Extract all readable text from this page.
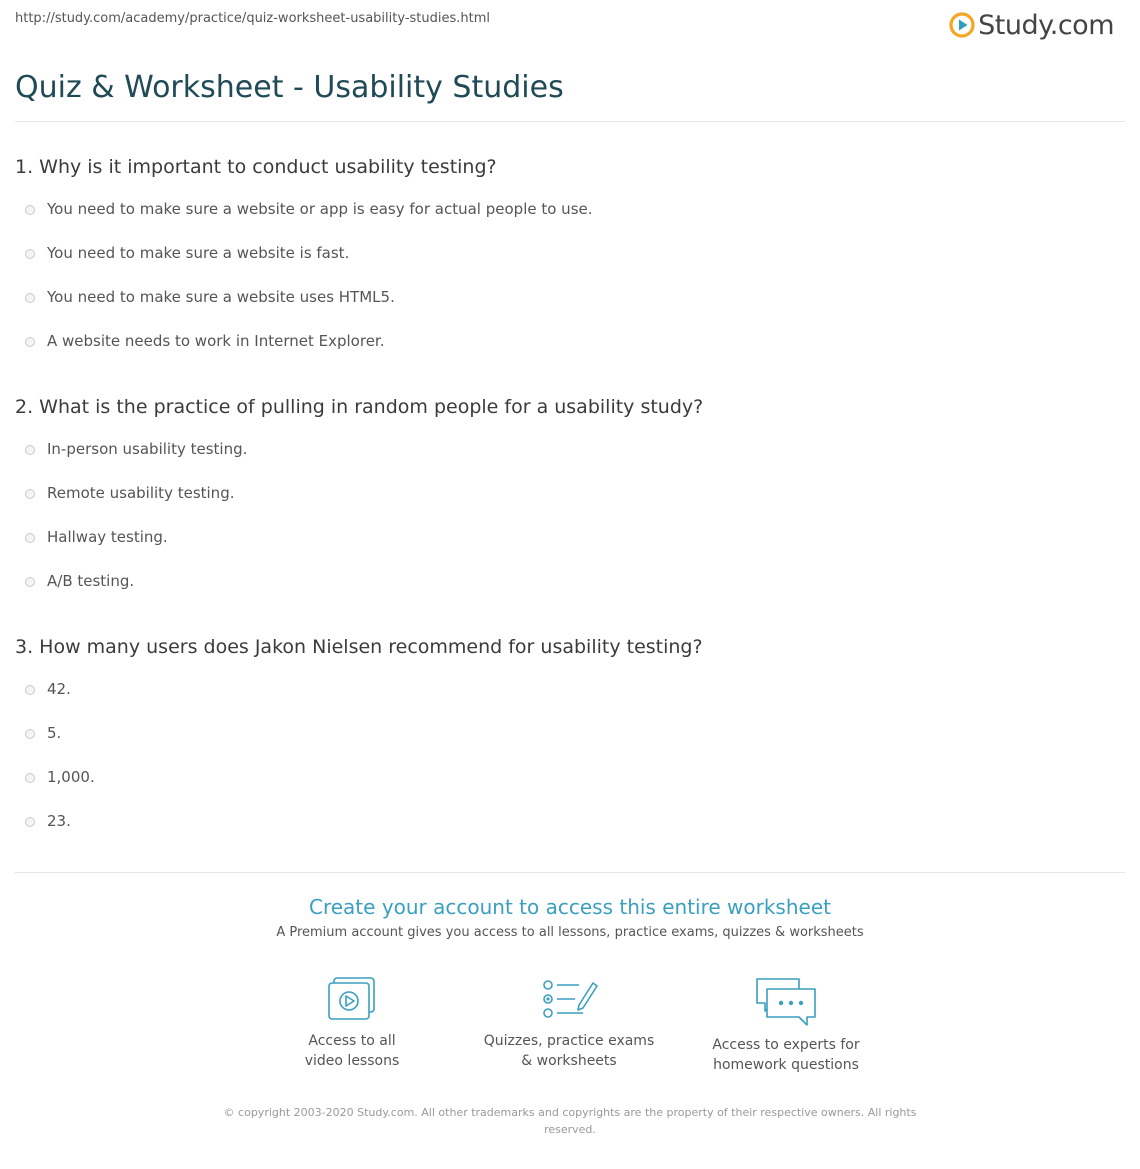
http://study.com/academy/practice/quiz-worksheet-usability-studies.html	Study.com
Quiz & Worksheet - Usability Studies
1. Why is it important to conduct usability testing?
You need to make sure a website or app is easy for actual people to use.
You need to make sure a website is fast.
You need to make sure a website uses HTML5.
A website needs to work in Internet Explorer.
2. What is the practice of pulling in random people for a usability study?
In-person usability testing.
Remote usability testing.
Hallway testing.
A/B testing.
3. How many users does Jakon Nielsen recommend for usability testing?
42.
5.
1,000.
23.
Create your account to access this entire worksheet
A Premium account gives you access to all lessons, practice exams, quizzes & worksheets
Access to all
video lessons
Quizzes, practice exams
& worksheets
Access to experts for
homework questions
© copyright 2003-2020 Study.com. All other trademarks and copyrights are the property of their respective owners. All rights reserved.
